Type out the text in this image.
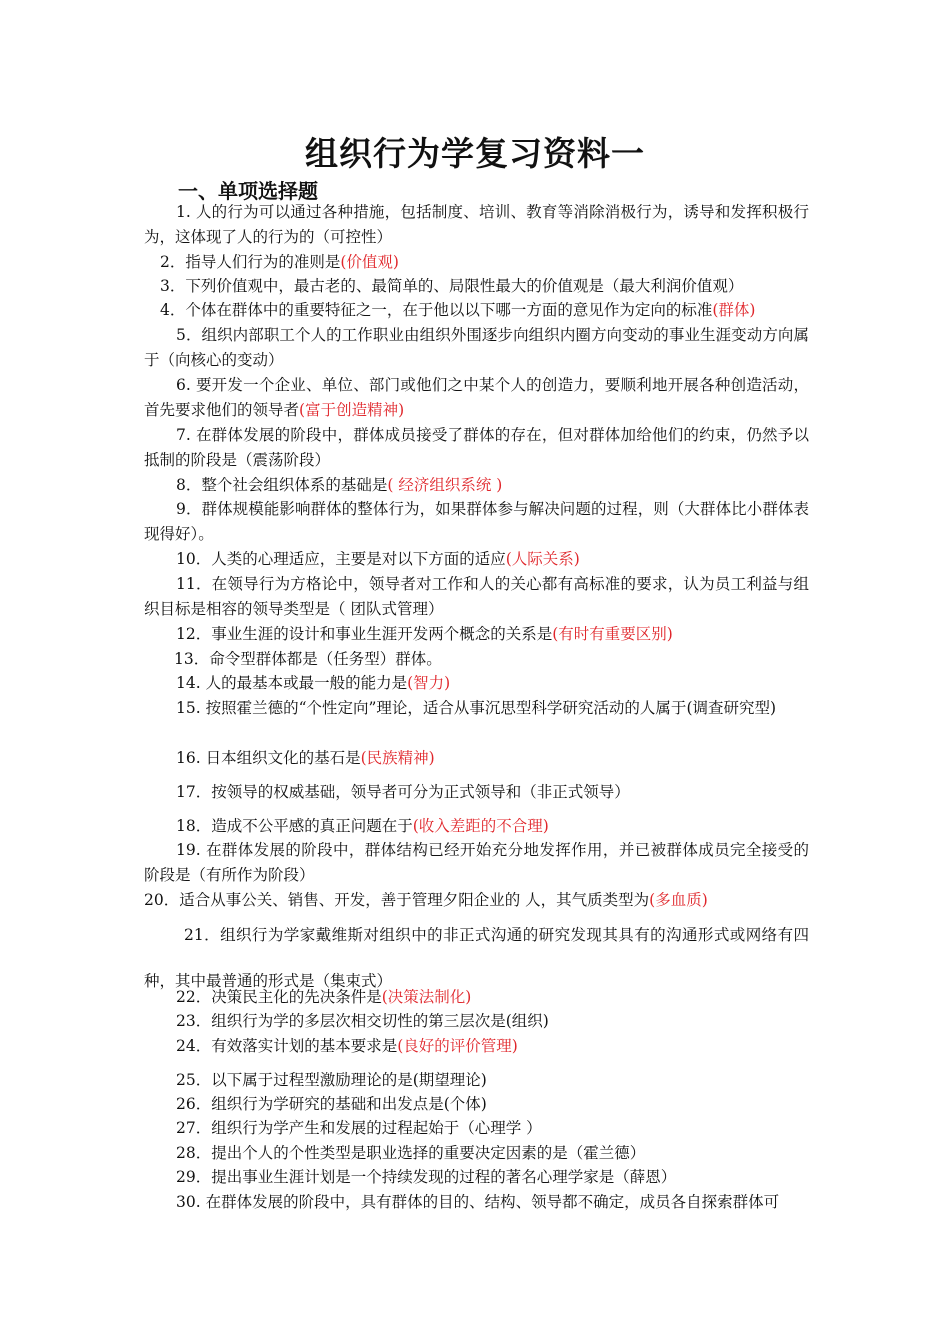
组织行为学复习资料一
一、单项选择题

1. 人的行为可以通过各种措施，包括制度、培训、教育等消除消极行为，诱导和发挥积极行为，这体现了人的行为的（可控性）

2．指导人们行为的准则是(价值观)

3．下列价值观中，最古老的、最简单的、局限性最大的价值观是（最大利润价值观）

4．个体在群体中的重要特征之一，在于他以以下哪一方面的意见作为定向的标准(群体)

5．组织内部职工个人的工作职业由组织外围逐步向组织内圈方向变动的事业生涯变动方向属于（向核心的变动）

6. 要开发一个企业、单位、部门或他们之中某个人的创造力，要顺利地开展各种创造活动，首先要求他们的领导者(富于创造精神)

7. 在群体发展的阶段中，群体成员接受了群体的存在，但对群体加给他们的约束，仍然予以抵制的阶段是（震荡阶段）

8．整个社会组织体系的基础是( 经济组织系统 )

9．群体规模能影响群体的整体行为，如果群体参与解决问题的过程，则（大群体比小群体表现得好）。

10．人类的心理适应，主要是对以下方面的适应(人际关系)

11．在领导行为方格论中，领导者对工作和人的关心都有高标准的要求，认为员工利益与组织目标是相容的领导类型是（ 团队式管理）

12．事业生涯的设计和事业生涯开发两个概念的关系是(有时有重要区别)

13．命令型群体都是（任务型）群体。

14. 人的最基本或最一般的能力是(智力)

15. 按照霍兰德的“个性定向”理论，适合从事沉思型科学研究活动的人属于(调查研究型)

16. 日本组织文化的基石是(民族精神)

17．按领导的权威基础，领导者可分为正式领导和（非正式领导）

18．造成不公平感的真正问题在于(收入差距的不合理)

19. 在群体发展的阶段中，群体结构已经开始充分地发挥作用，并已被群体成员完全接受的阶段是（有所作为阶段）

20．适合从事公关、销售、开发，善于管理夕阳企业的 人，其气质类型为(多血质)

21．组织行为学家戴维斯对组织中的非正式沟通的研究发现其具有的沟通形式或网络有四种，其中最普通的形式是（集束式）

22．决策民主化的先决条件是(决策法制化)

23．组织行为学的多层次相交切性的第三层次是(组织)

24．有效落实计划的基本要求是(良好的评价管理)

25．以下属于过程型激励理论的是(期望理论)

26．组织行为学研究的基础和出发点是(个体)

27．组织行为学产生和发展的过程起始于（心理学 ）

28．提出个人的个性类型是职业选择的重要决定因素的是（霍兰德）

29．提出事业生涯计划是一个持续发现的过程的著名心理学家是（薛恩）

30. 在群体发展的阶段中，具有群体的目的、结构、领导都不确定，成员各自探索群体可
